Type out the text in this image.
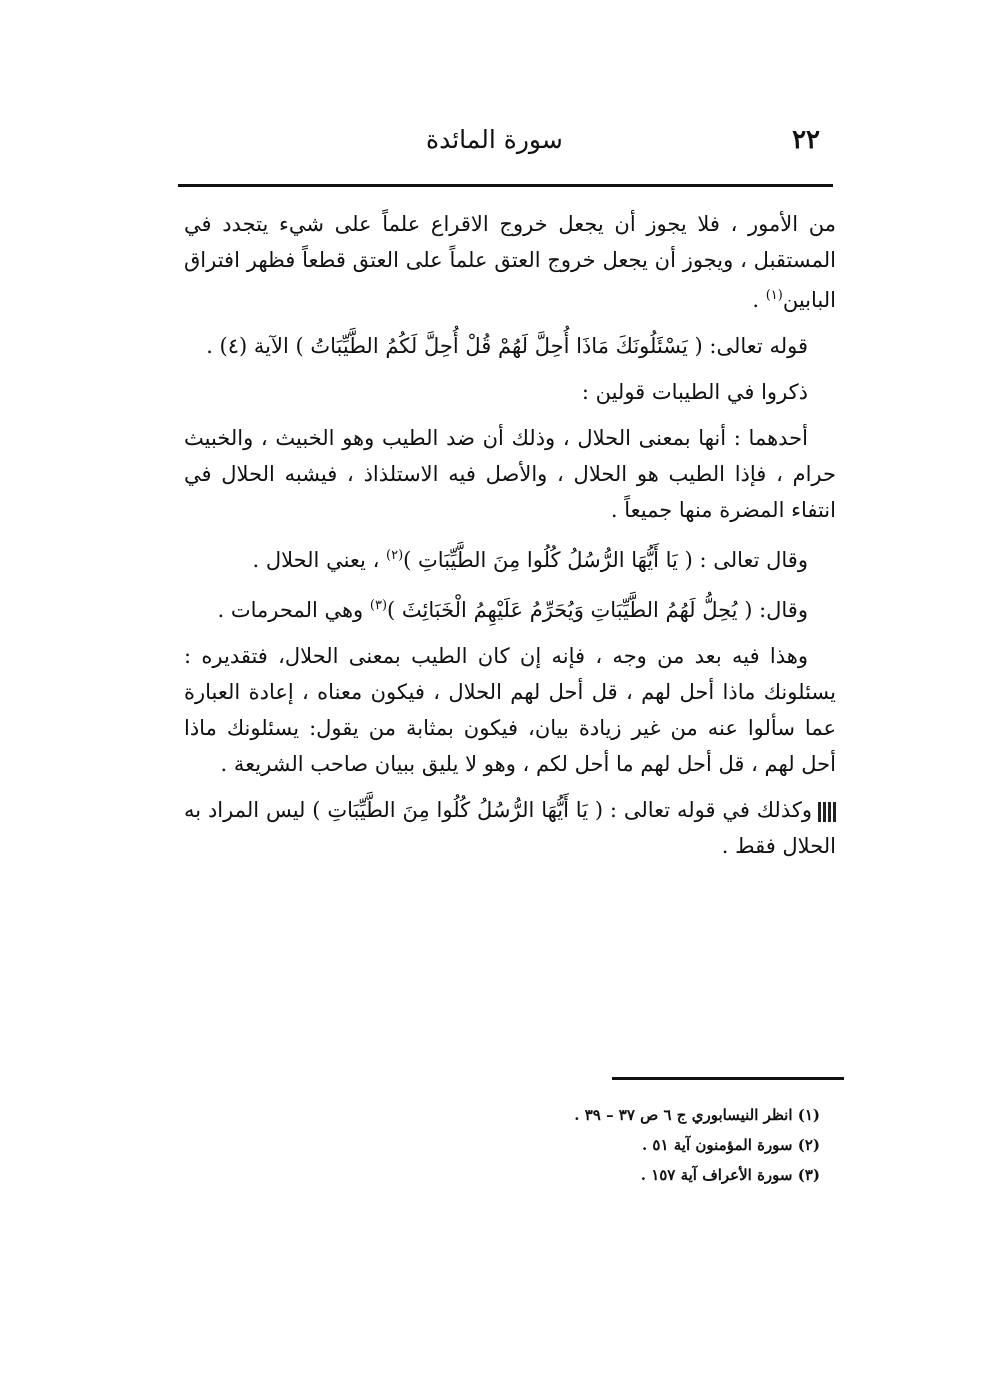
٢٢
سورة المائدة

من الأمور ، فلا يجوز أن يجعل خروج الاقراع علماً على شيء يتجدد في المستقبل ، ويجوز أن يجعل خروج العتق علماً على العتق قطعاً فظهر افتراق البابين$^{(١)}$ .

قوله تعالى: ( يَسْئَلُونَكَ مَاذَا أُحِلَّ لَهُمْ قُلْ أُحِلَّ لَكُمُ الطَّيِّبَاتُ ) الآية (٤) .

ذكروا في الطيبات قولين :

أحدهما : أنها بمعنى الحلال ، وذلك أن ضد الطيب وهو الخبيث ، والخبيث حرام ، فإذا الطيب هو الحلال ، والأصل فيه الاستلذاذ ، فيشبه الحلال في انتفاء المضرة منها جميعاً .

وقال تعالى : ( يَا أَيُّهَا الرُّسُلُ كُلُوا مِنَ الطَّيِّبَاتِ )$^{(٢)}$ ، يعني الحلال .

وقال: ( يُحِلُّ لَهُمُ الطَّيِّبَاتِ وَيُحَرِّمُ عَلَيْهِمُ الْخَبَائِثَ )$^{(٣)}$ وهي المحرمات .

وهذا فيه بعد من وجه ، فإنه إن كان الطيب بمعنى الحلال، فتقديره : يسئلونك ماذا أحل لهم ، قل أحل لهم الحلال ، فيكون معناه ، إعادة العبارة عما سألوا عنه من غير زيادة بيان، فيكون بمثابة من يقول: يسئلونك ماذا أحل لهم ، قل أحل لهم ما أحل لكم ، وهو لا يليق ببيان صاحب الشريعة .

وكذلك في قوله تعالى : ( يَا أَيُّهَا الرُّسُلُ كُلُوا مِنَ الطَّيِّبَاتِ ) ليس المراد به الحلال فقط .

(١) انظر النيسابوري ج ٦ ص ٣٧ – ٣٩ .

(٢) سورة المؤمنون آية ٥١ .

(٣) سورة الأعراف آية ١٥٧ .
